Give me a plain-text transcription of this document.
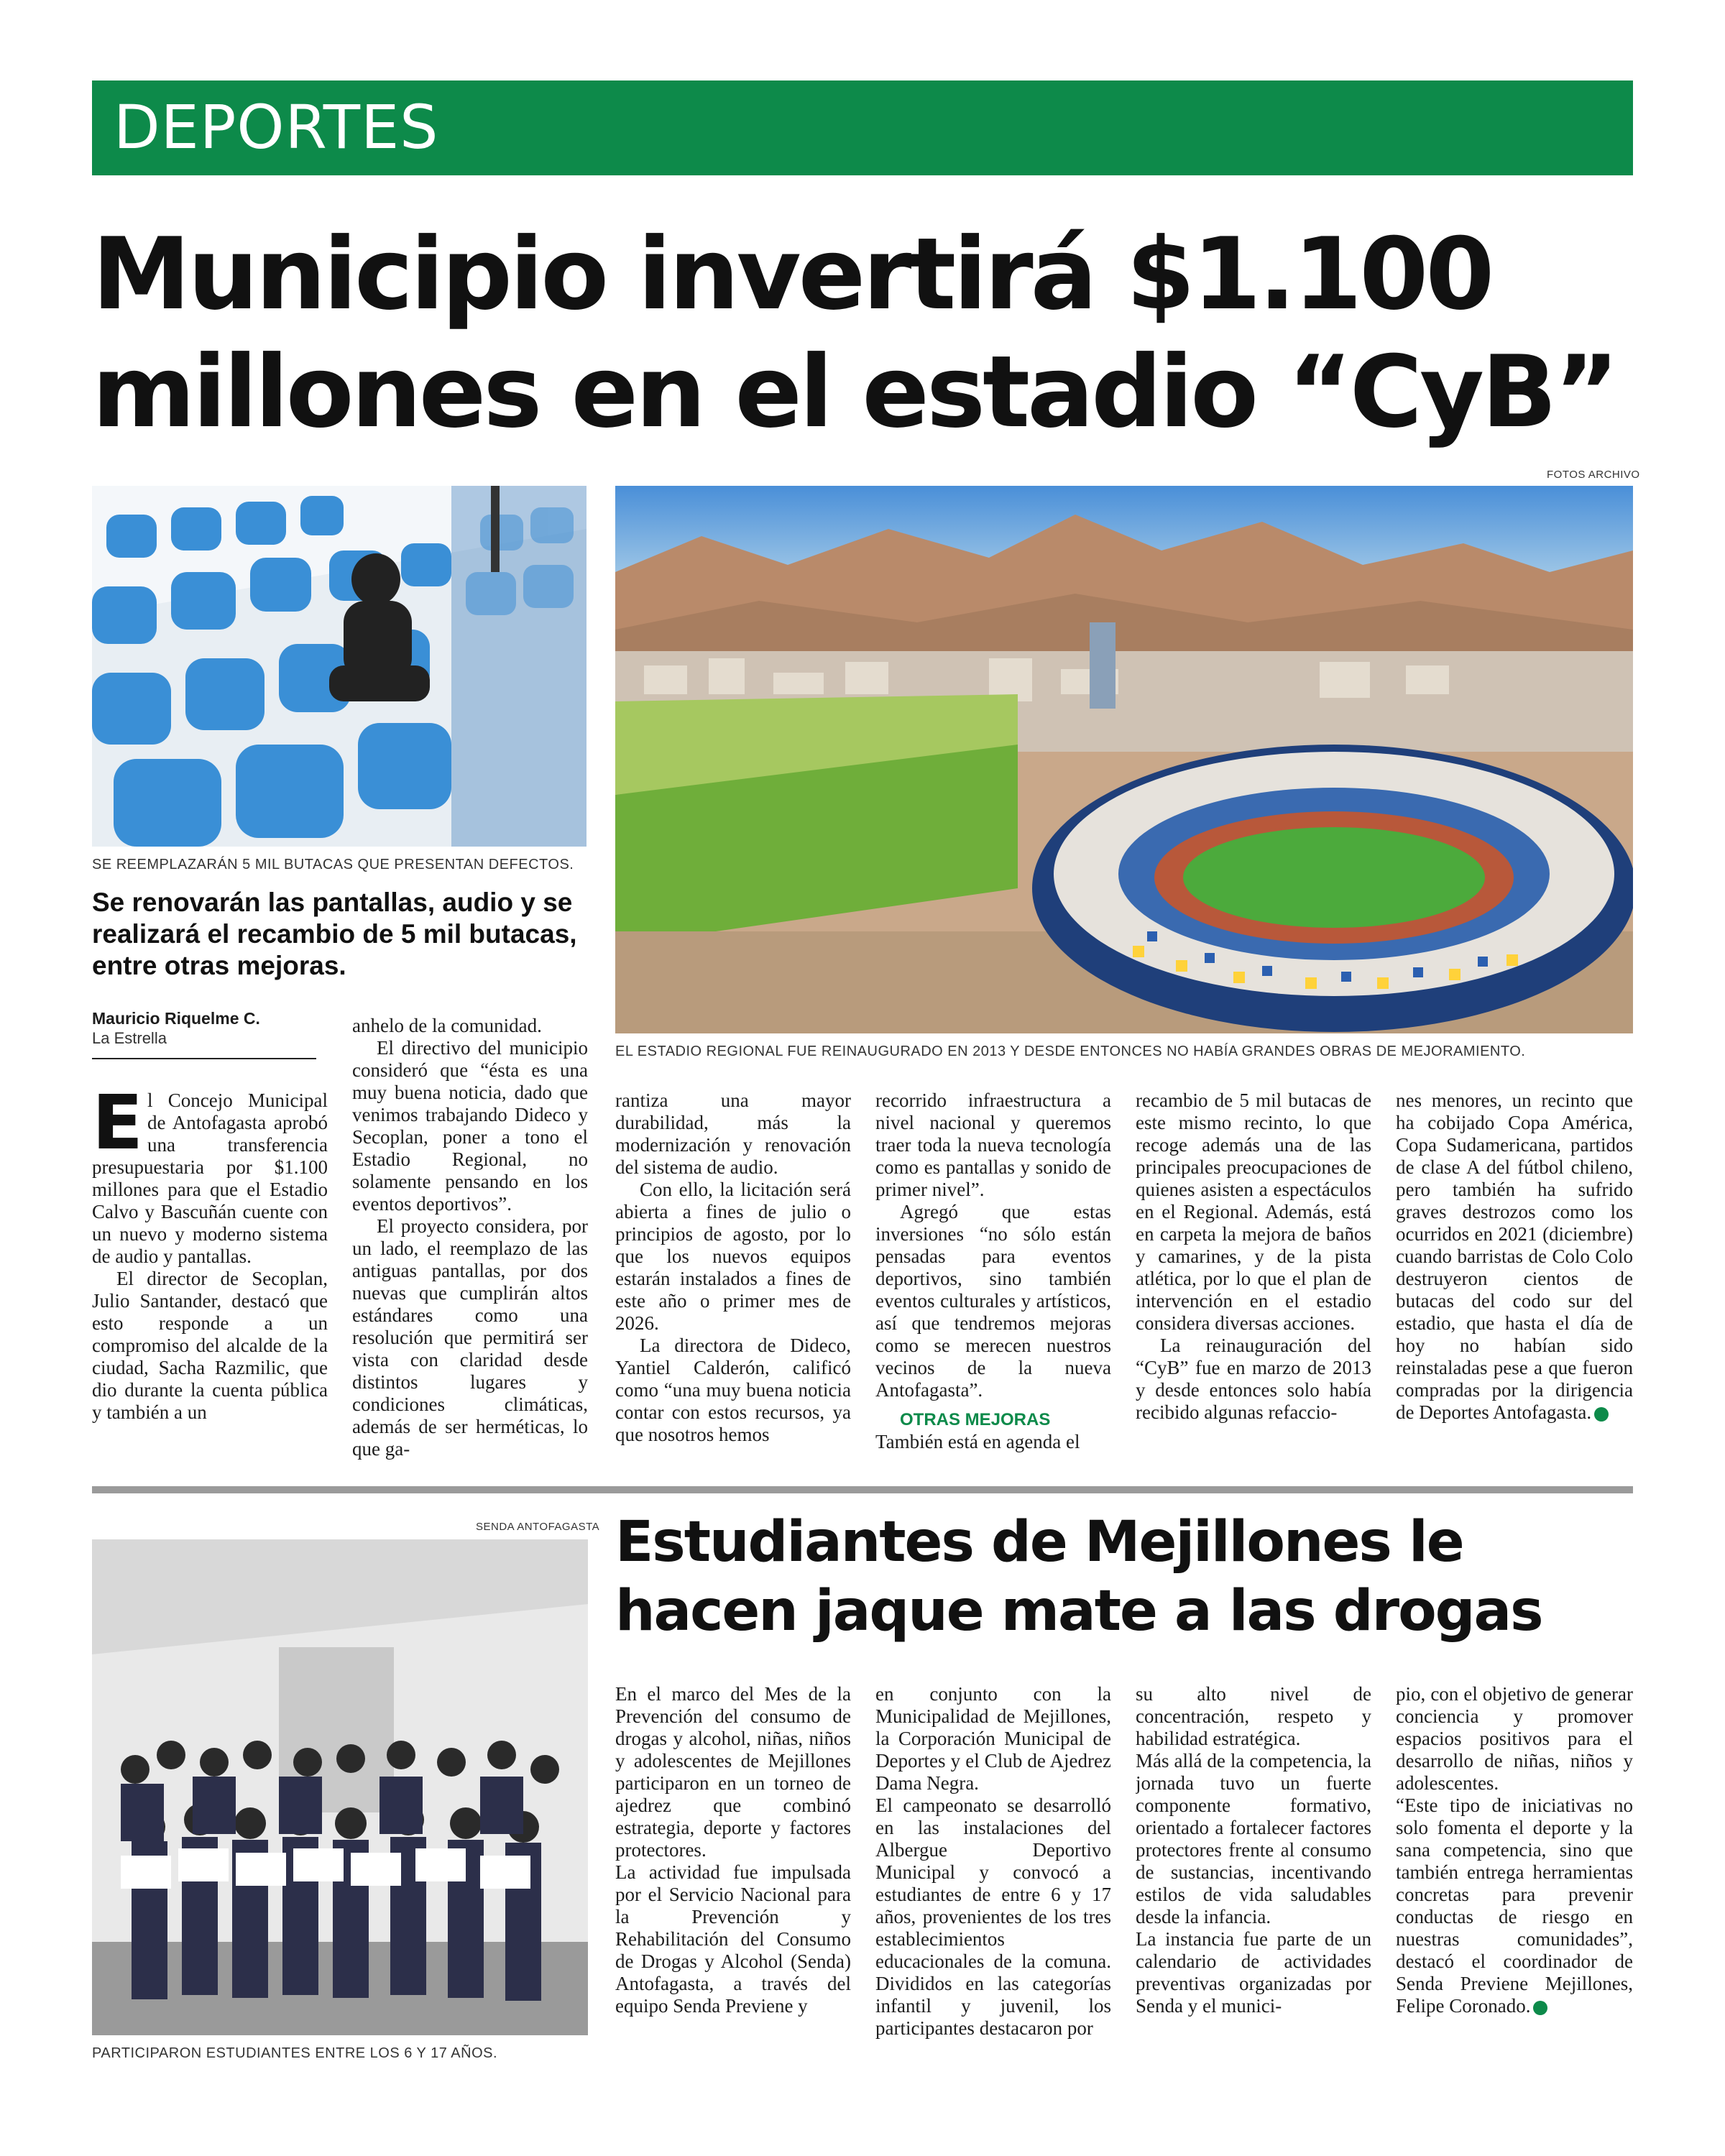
DEPORTES
Municipio invertirá $1.100
millones en el estadio “CyB”
FOTOS ARCHIVO
SE REEMPLAZARÁN 5 MIL BUTACAS QUE PRESENTAN DEFECTOS.
EL ESTADIO REGIONAL FUE REINAUGURADO EN 2013 Y DESDE ENTONCES NO HABÍA GRANDES OBRAS DE MEJORAMIENTO.
Se renovarán las pantallas, audio y se realizará el recambio de 5 mil butacas, entre otras mejoras.
Mauricio Riquelme C.
La Estrella
E l Concejo Municipal de Antofagasta aprobó una transferencia presupuestaria por $1.100 millones para que el Estadio Calvo y Bascuñán cuente con un nuevo y moderno sistema de audio y pantallas.

El director de Secoplan, Julio Santander, destacó que esto responde a un compromiso del alcalde de la ciudad, Sacha Razmilic, que dio durante la cuenta pública y también a un

anhelo de la comunidad.

El directivo del municipio consideró que “ésta es una muy buena noticia, dado que venimos trabajando Dideco y Secoplan, poner a tono el Estadio Regional, no solamente pensando en los eventos deportivos”.

El proyecto considera, por un lado, el reemplazo de las antiguas pantallas, por dos nuevas que cumplirán altos estándares como una resolución que permitirá ser vista con claridad desde distintos lugares y condiciones climáticas, además de ser herméticas, lo que ga-

rantiza una mayor durabilidad, más la modernización y renovación del sistema de audio.

Con ello, la licitación será abierta a fines de julio o principios de agosto, por lo que los nuevos equipos estarán instalados a fines de este año o primer mes de 2026.

La directora de Dideco, Yantiel Calderón, calificó como “una muy buena noticia contar con estos recursos, ya que nosotros hemos

recorrido infraestructura a nivel nacional y queremos traer toda la nueva tecnología como es pantallas y sonido de primer nivel”.

Agregó que estas inversiones “no sólo están pensadas para eventos deportivos, sino también eventos culturales y artísticos, así que tendremos mejoras como se merecen nuestros vecinos de la nueva Antofagasta”.

OTRAS MEJORAS

También está en agenda el

recambio de 5 mil butacas de este mismo recinto, lo que recoge además una de las principales preocupaciones de quienes asisten a espectáculos en el Regional. Además, está en carpeta la mejora de baños y camarines, y de la pista atlética, por lo que el plan de intervención en el estadio considera diversas acciones.

La reinauguración del “CyB” fue en marzo de 2013 y desde entonces solo había recibido algunas refaccio-

nes menores, un recinto que ha cobijado Copa América, Copa Sudamericana, partidos de clase A del fútbol chileno, pero también ha sufrido graves destrozos como los ocurridos en 2021 (diciembre) cuando barristas de Colo Colo destruyeron cientos de butacas del codo sur del estadio, que hasta el día de hoy no habían sido reinstaladas pese a que fueron compradas por la dirigencia de Deportes Antofagasta.

SENDA ANTOFAGASTA
PARTICIPARON ESTUDIANTES ENTRE LOS 6 Y 17 AÑOS.
Estudiantes de Mejillones le
hacen jaque mate a las drogas

En el marco del Mes de la Prevención del consumo de drogas y alcohol, niñas, niños y adolescentes de Mejillones participaron en un torneo de ajedrez que combinó estrategia, deporte y factores protectores.

La actividad fue impulsada por el Servicio Nacional para la Prevención y Rehabilitación del Consumo de Drogas y Alcohol (Senda) Antofagasta, a través del equipo Senda Previene y

en conjunto con la Municipalidad de Mejillones, la Corporación Municipal de Deportes y el Club de Ajedrez Dama Negra.

El campeonato se desarrolló en las instalaciones del Albergue Deportivo Municipal y convocó a estudiantes de entre 6 y 17 años, provenientes de los tres establecimientos educacionales de la comuna. Divididos en las categorías infantil y juvenil, los participantes destacaron por

su alto nivel de concentración, respeto y habilidad estratégica.

Más allá de la competencia, la jornada tuvo un fuerte componente formativo, orientado a fortalecer factores protectores frente al consumo de sustancias, incentivando estilos de vida saludables desde la infancia.

La instancia fue parte de un calendario de actividades preventivas organizadas por Senda y el munici-

pio, con el objetivo de generar conciencia y promover espacios positivos para el desarrollo de niñas, niños y adolescentes.

“Este tipo de iniciativas no solo fomenta el deporte y la sana competencia, sino que también entrega herramientas concretas para prevenir conductas de riesgo en nuestras comunidades”, destacó el coordinador de Senda Previene Mejillones, Felipe Coronado.
